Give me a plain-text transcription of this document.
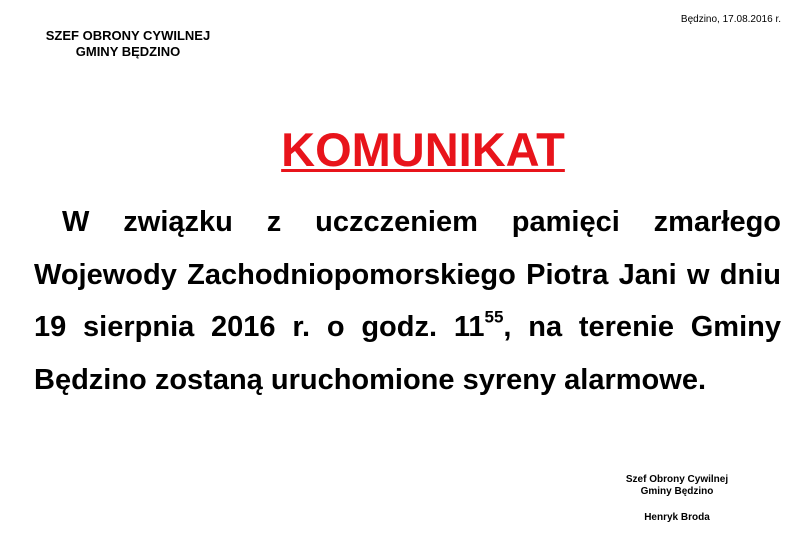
SZEF OBRONY CYWILNEJ
GMINY BĘDZINO
Będzino, 17.08.2016 r.
KOMUNIKAT

W związku z uczczeniem pamięci zmarłego Wojewody Zachodniopomorskiego Piotra Jani w dniu 19 sierpnia 2016 r. o godz. $11^{55}$, na terenie Gminy Będzino zostaną uruchomione syreny alarmowe.

Szef Obrony Cywilnej
Gminy Będzino
Henryk Broda
